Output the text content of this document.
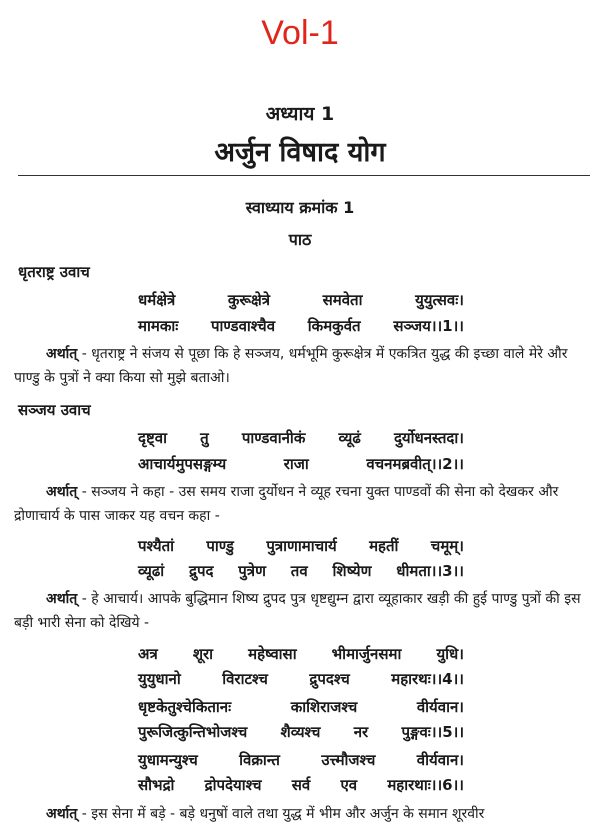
Vol-1
अध्याय 1
अर्जुन विषाद योग
स्वाध्याय क्रमांक 1
पाठ
धृतराष्ट्र उवाच
धर्मक्षेत्रे	कुरूक्षेत्रे	समवेता	युयुत्सवः।
मामकाः पाण्डवाश्चैव किमकुर्वत सञ्जय।।1।।

अर्थात् - धृतराष्ट्र ने संजय से पूछा कि हे सञ्जय, धर्मभूमि कुरूक्षेत्र में एकत्रित युद्ध की इच्छा वाले मेरे और पाण्डु के पुत्रों ने क्या किया सो मुझे बताओ।

सञ्जय उवाच
दृष्ट्वा तु पाण्डवानीकं व्यूढं दुर्योधनस्तदा।
आचार्यमुपसङ्गम्य	राजा	वचनमब्रवीत्।।2।।

अर्थात् - सञ्जय ने कहा - उस समय राजा दुर्योधन ने व्यूह रचना युक्त पाण्डवों की सेना को देखकर और द्रोणाचार्य के पास जाकर यह वचन कहा -

पश्यैतां पाण्डु पुत्राणामाचार्य महतीं चमूम्।
व्यूढां द्रुपद पुत्रेण तव शिष्येण धीमता।।3।।

अर्थात् - हे आचार्य। आपके बुद्धिमान शिष्य द्रुपद पुत्र धृष्टद्युम्न द्वारा व्यूहाकार खड़ी की हुई पाण्डु पुत्रों की इस बड़ी भारी सेना को देखिये -

अत्र शूरा महेष्वासा भीमार्जुनसमा युधि।
युयुधानो	विराटश्च	द्रुपदश्च	महारथः।।4।।
धृष्टकेतुश्चेकितानः	काशिराजश्च	वीर्यवान।
पुरूजित्कुन्तिभोजश्च शैव्यश्च नर पुङ्गवः।।5।।
युधामन्युश्च	विक्रान्त	उत्त्मौजश्च	वीर्यवान।
सौभद्रो द्रोपदेयाश्च सर्व एव महारथाः।।6।।

अर्थात् - इस सेना में बड़े - बड़े धनुषों वाले तथा युद्ध में भीम और अर्जुन के समान शूरवीर
